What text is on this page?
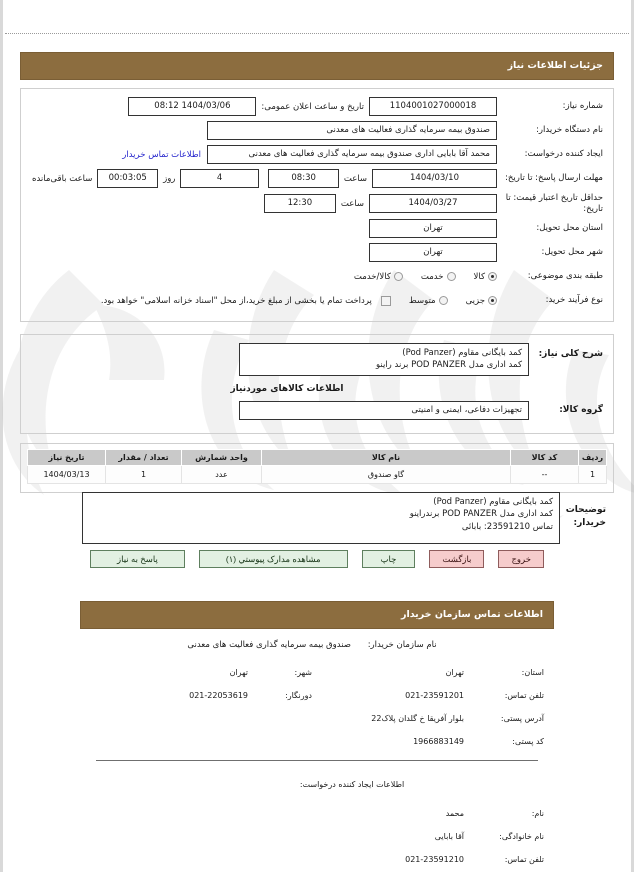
جزئیات اطلاعات نیاز
شماره نیاز:
1104001027000018
تاریخ و ساعت اعلان عمومی:
1404/03/06 08:12
نام دستگاه خریدار:
صندوق بیمه سرمایه گذاری فعالیت های معدنی
ایجاد کننده درخواست:
محمد آقا بابایی اداری صندوق بیمه سرمایه گذاری فعالیت های معدنی
اطلاعات تماس خریدار
مهلت ارسال پاسخ: تا تاریخ:
1404/03/10
ساعت
08:30
4
روز
00:03:05
ساعت باقی‌مانده
حداقل تاریخ اعتبار قیمت: تا تاریخ:
1404/03/27
ساعت
12:30
استان محل تحویل:
تهران
شهر محل تحویل:
تهران
طبقه بندی موضوعی:
کالا
خدمت
کالا/خدمت
نوع فرآیند خرید:
جزیی
متوسط
پرداخت تمام یا بخشی از مبلغ خرید،از محل "اسناد خزانه اسلامی" خواهد بود.
شرح کلی نیاز:
کمد بایگانی مقاوم (Pod Panzer)
کمد اداری مدل POD PANZER برند راینو
اطلاعات کالاهای موردنیاز
گروه کالا:
تجهیزات دفاعی، ایمنی و امنیتی
ردیف	کد کالا	نام کالا	واحد شمارش	تعداد / مقدار	تاریخ نیاز
1	--	گاو صندوق	عدد	1	1404/03/13
توضیحات
خریدار:
کمد بایگانی مقاوم (Pod Panzer)
کمد اداری مدل POD PANZER برندراینو
تماس 23591210: بابائی
خروج
بازگشت
چاپ
مشاهده مدارک پیوستي (۱)
پاسخ به نیاز
اطلاعات تماس سازمان خریدار
نام سازمان خریدار: صندوق بیمه سرمایه گذاری فعالیت های معدنی
استان:
تهران
تلفن تماس:
021-23591201
آدرس پستی:
بلوار آفریقا خ گلدان پلاک22
کد پستی:
1966883149
شهر:
تهران
دورنگار:
021-22053619
اطلاعات ایجاد کننده درخواست:
نام:
محمد
نام خانوادگی:
آقا بابایی
تلفن تماس:
021-23591210
